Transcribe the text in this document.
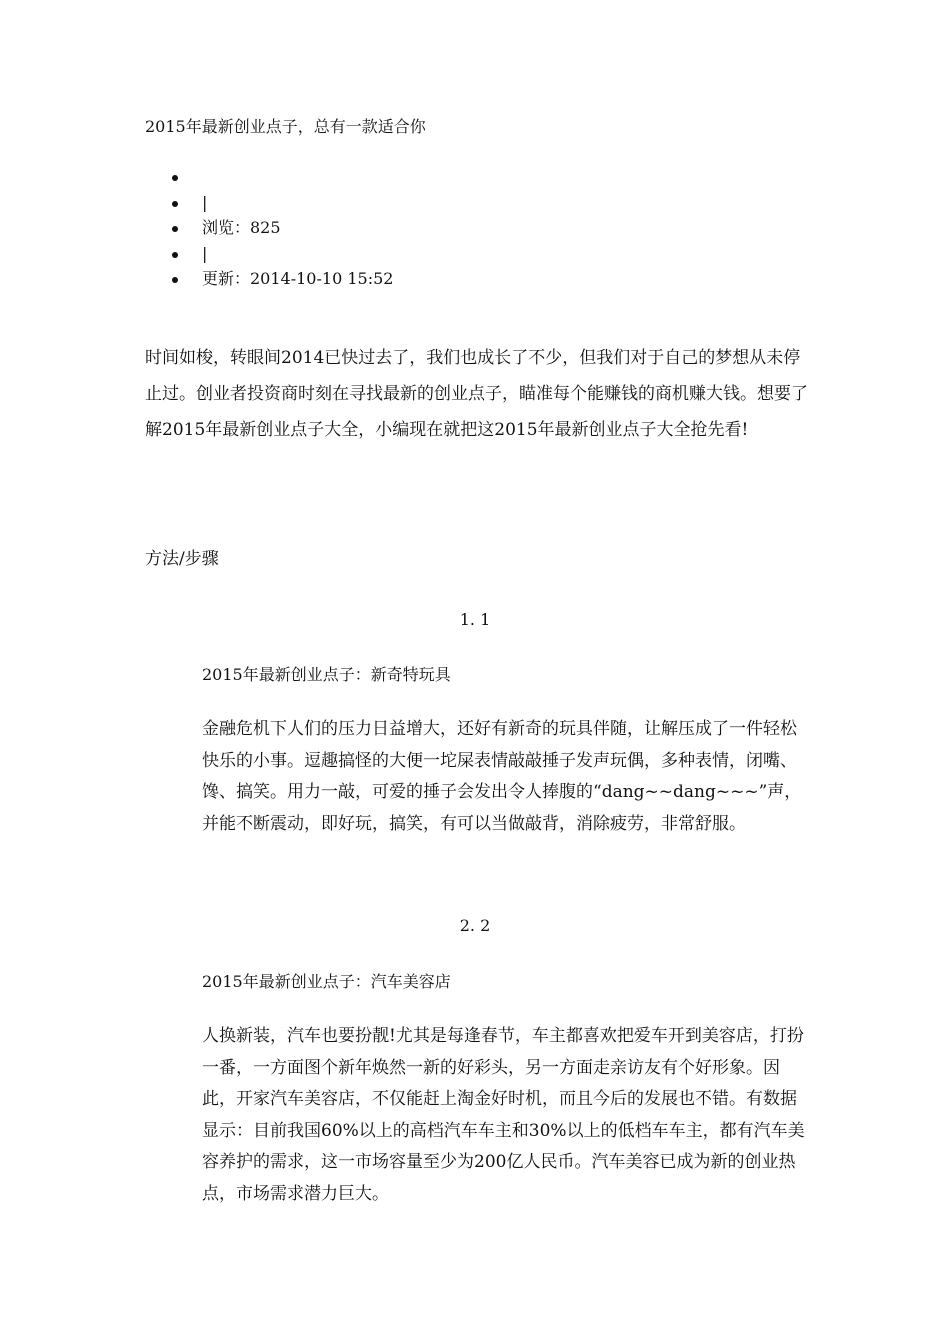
2015年最新创业点子，总有一款适合你
|
浏览：825
|
更新：2014-10-10 15:52

时间如梭，转眼间2014已快过去了，我们也成长了不少，但我们对于自己的梦想从未停止过。创业者投资商时刻在寻找最新的创业点子，瞄准每个能赚钱的商机赚大钱。想要了解2015年最新创业点子大全，小编现在就把这2015年最新创业点子大全抢先看!

方法/步骤

1. 1
2015年最新创业点子：新奇特玩具

金融危机下人们的压力日益增大，还好有新奇的玩具伴随，让解压成了一件轻松快乐的小事。逗趣搞怪的大便一坨屎表情敲敲捶子发声玩偶，多种表情，闭嘴、馋、搞笑。用力一敲，可爱的捶子会发出令人捧腹的“dang~~dang~~~”声，并能不断震动，即好玩，搞笑，有可以当做敲背，消除疲劳，非常舒服。

2. 2
2015年最新创业点子：汽车美容店

人换新装，汽车也要扮靓!尤其是每逢春节，车主都喜欢把爱车开到美容店，打扮一番，一方面图个新年焕然一新的好彩头，另一方面走亲访友有个好形象。因此，开家汽车美容店，不仅能赶上淘金好时机，而且今后的发展也不错。有数据显示：目前我国60%以上的高档汽车车主和30%以上的低档车车主，都有汽车美容养护的需求，这一市场容量至少为200亿人民币。汽车美容已成为新的创业热点，市场需求潜力巨大。
